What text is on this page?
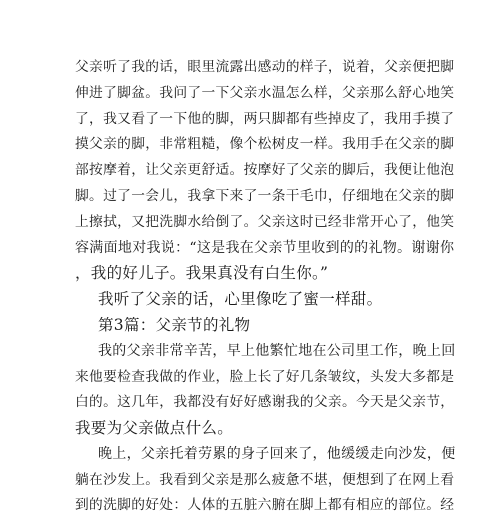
父亲听了我的话，眼里流露出感动的样子，说着，父亲便把脚
伸进了脚盆。我问了一下父亲水温怎么样，父亲那么舒心地笑
了，我又看了一下他的脚，两只脚都有些掉皮了，我用手摸了
摸父亲的脚，非常粗糙，像个松树皮一样。我用手在父亲的脚
部按摩着，让父亲更舒适。按摩好了父亲的脚后，我便让他泡
脚。过了一会儿，我拿下来了一条干毛巾，仔细地在父亲的脚
上擦拭，又把洗脚水给倒了。父亲这时已经非常开心了，他笑
容满面地对我说：“这是我在父亲节里收到的的礼物。谢谢你
，我的好儿子。我果真没有白生你。”
我听了父亲的话，心里像吃了蜜一样甜。
第3篇：父亲节的礼物
我的父亲非常辛苦，早上他繁忙地在公司里工作，晚上回
来他要检查我做的作业，脸上长了好几条皱纹，头发大多都是
白的。这几年，我都没有好好感谢我的父亲。今天是父亲节，
我要为父亲做点什么。
晚上，父亲托着劳累的身子回来了，他缓缓走向沙发，便
躺在沙发上。我看到父亲是那么疲惫不堪，便想到了在网上看
到的洗脚的好处：人体的五脏六腑在脚上都有相应的部位。经
